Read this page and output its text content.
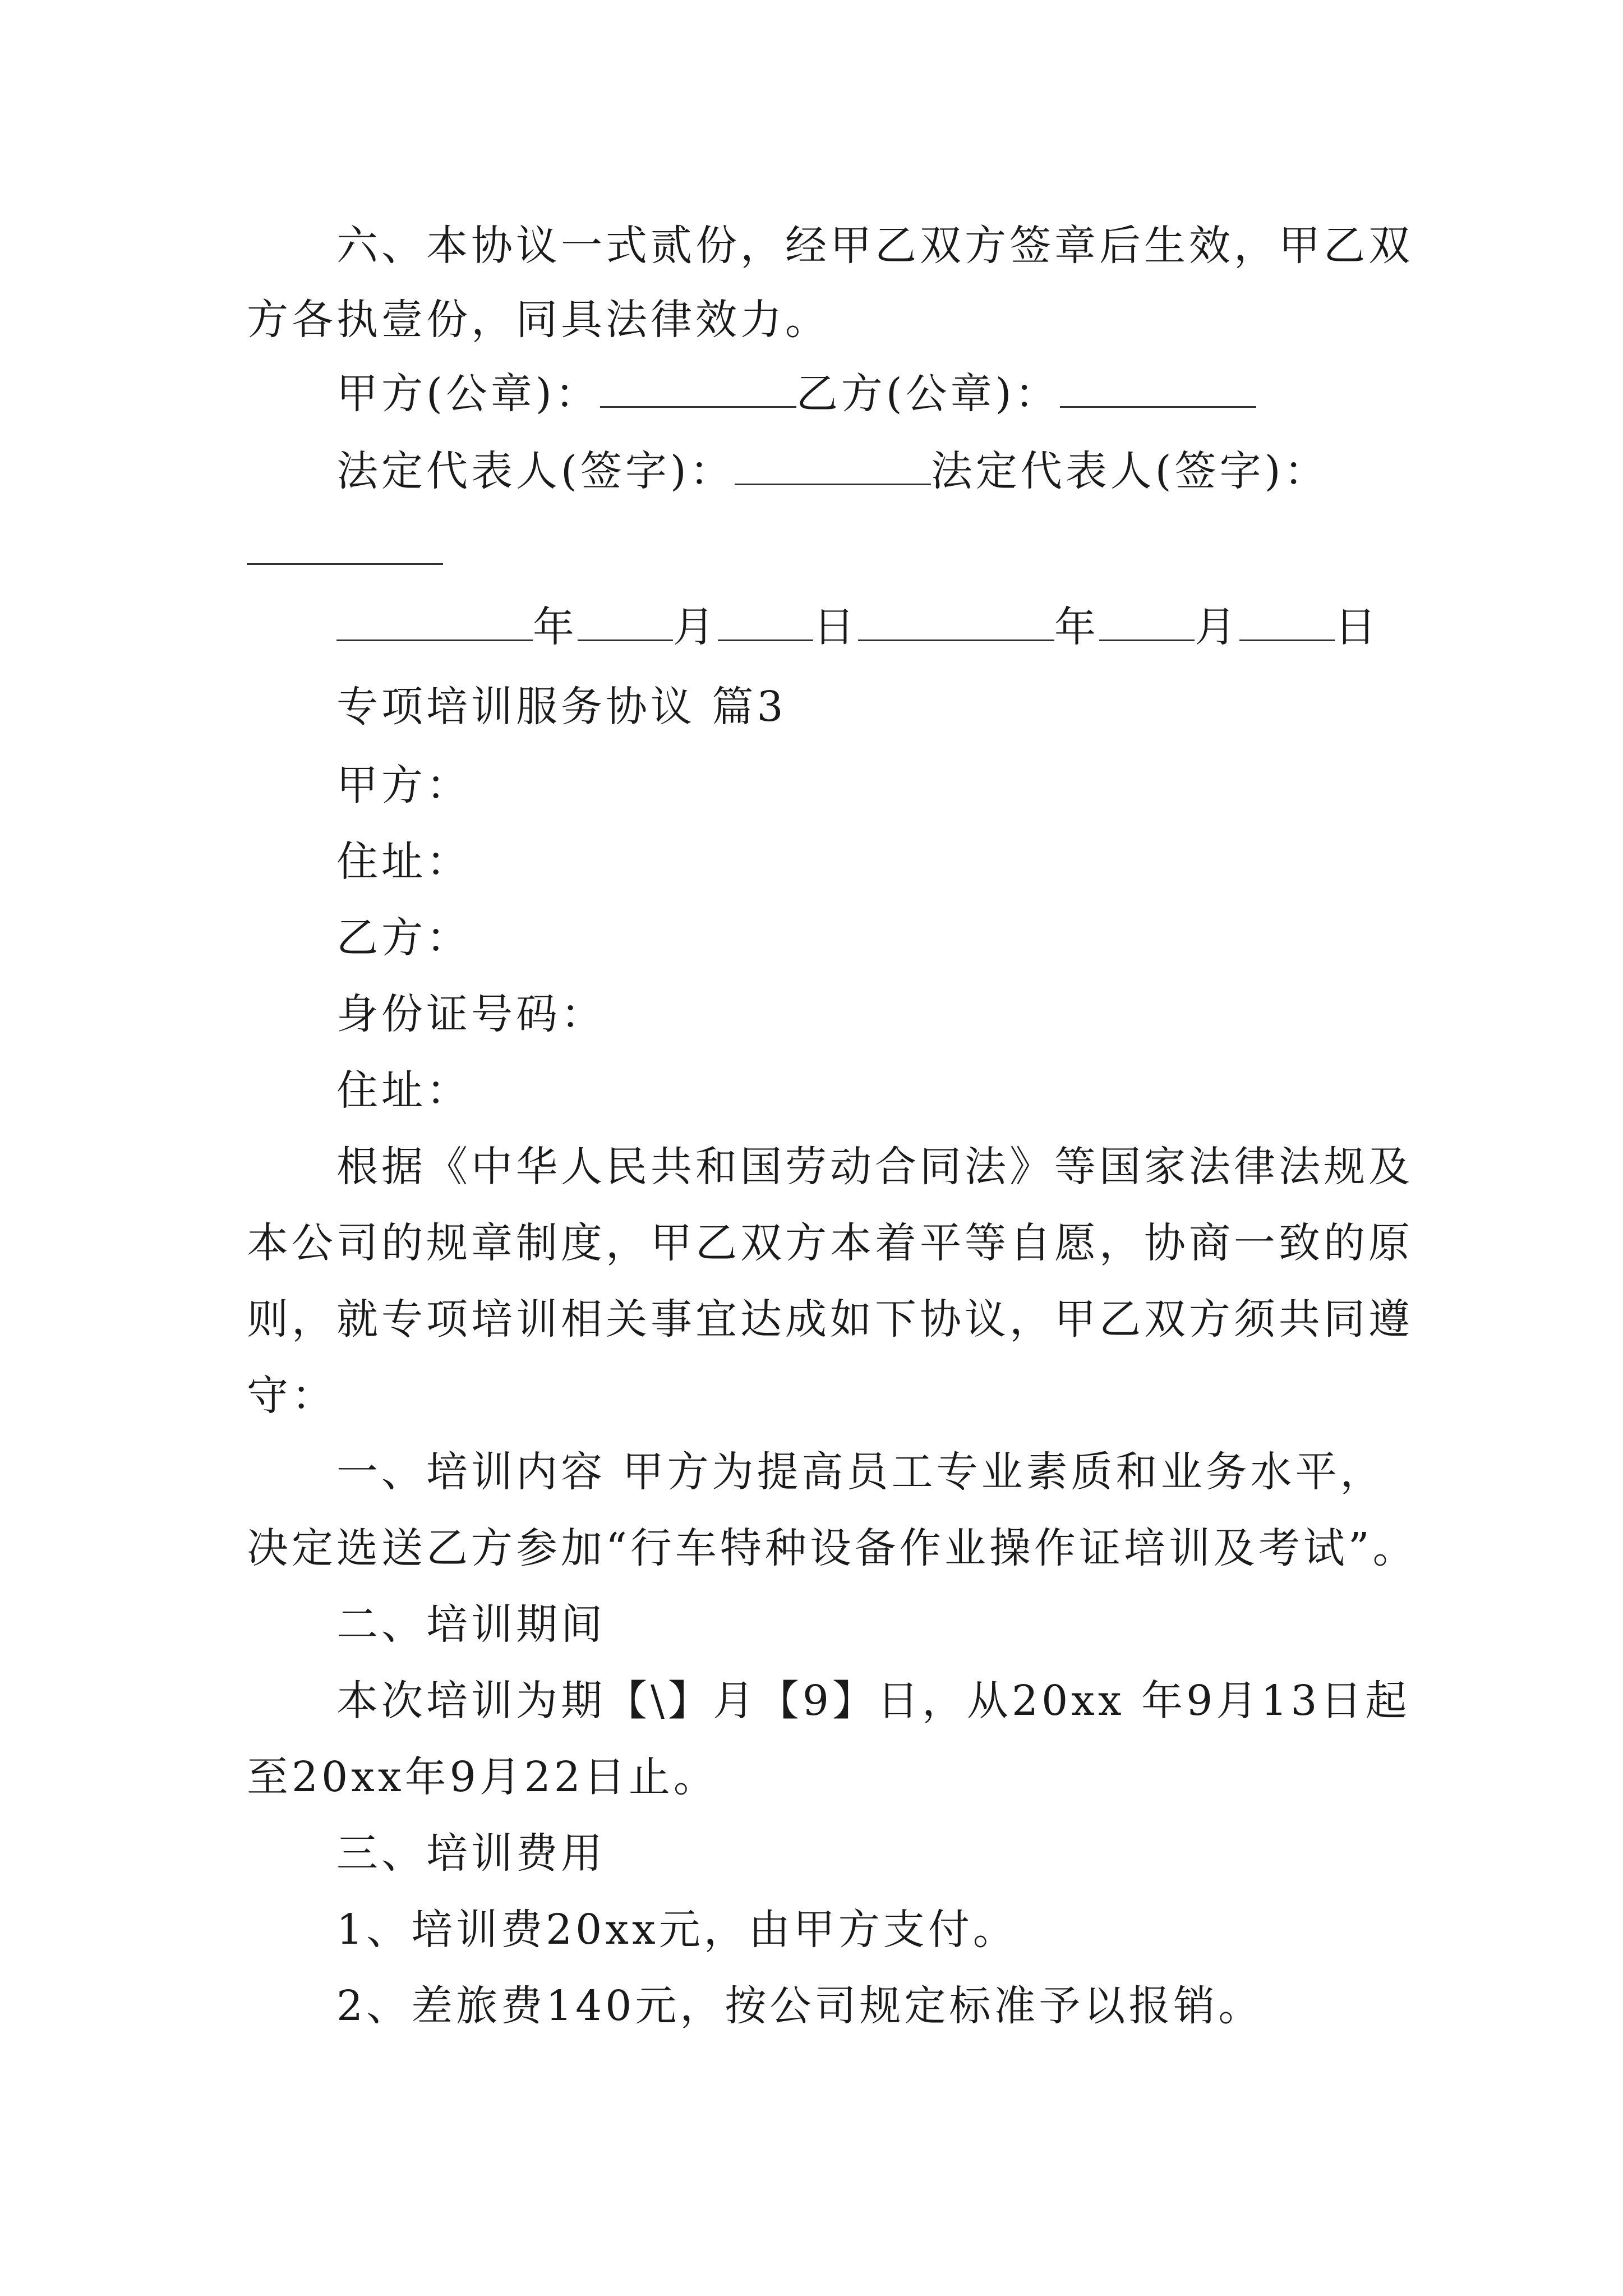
六、本协议一式贰份，经甲乙双方签章后生效，甲乙双
方各执壹份，同具法律效力。
甲方(公章)：	乙方(公章)：
法定代表人(签字)：	法定代表人(签字)：
年 月 日	年 月 日
专项培训服务协议 篇3
甲方：
住址：
乙方：
身份证号码：
住址：
根据《中华人民共和国劳动合同法》等国家法律法规及
本公司的规章制度，甲乙双方本着平等自愿，协商一致的原
则，就专项培训相关事宜达成如下协议，甲乙双方须共同遵
守：
一、培训内容 甲方为提高员工专业素质和业务水平，
决定选送乙方参加“行车特种设备作业操作证培训及考试”。
二、培训期间
本次培训为期【\】月【9】日，从20xx 年9月13日起
至20xx年9月22日止。
三、培训费用
1、培训费20xx元，由甲方支付。
2、差旅费140元，按公司规定标准予以报销。
